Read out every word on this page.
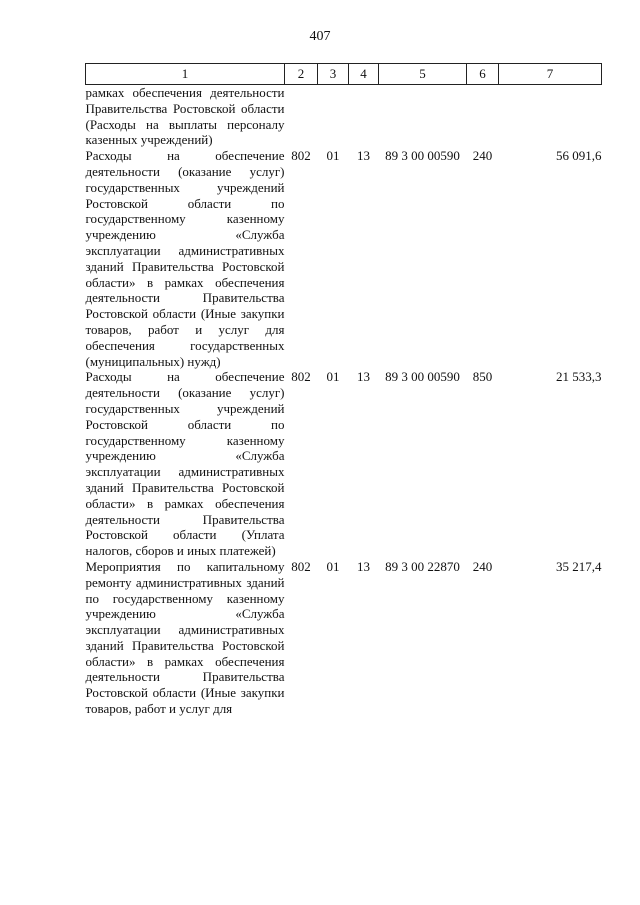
407
1	2	3	4	5	6	7
рамках обеспечения деятельности Правительства Ростовской области (Расходы на выплаты персоналу казенных учреждений)						
Расходы на обеспечение деятельности (оказание услуг) государственных учреждений Ростовской области по государственному казенному учреждению «Служба эксплуатации административных зданий Правительства Ростовской области» в рамках обеспечения деятельности Правительства Ростовской области (Иные закупки товаров, работ и услуг для обеспечения государственных (муниципальных) нужд)	802	01	13	89 3 00 00590	240	56 091,6
Расходы на обеспечение деятельности (оказание услуг) государственных учреждений Ростовской области по государственному казенному учреждению «Служба эксплуатации административных зданий Правительства Ростовской области» в рамках обеспечения деятельности Правительства Ростовской области (Уплата налогов, сборов и иных платежей)	802	01	13	89 3 00 00590	850	21 533,3
Мероприятия по капитальному ремонту административных зданий по государственному казенному учреждению «Служба эксплуатации административных зданий Правительства Ростовской области» в рамках обеспечения деятельности Правительства Ростовской области (Иные закупки товаров, работ и услуг для	802	01	13	89 3 00 22870	240	35 217,4
